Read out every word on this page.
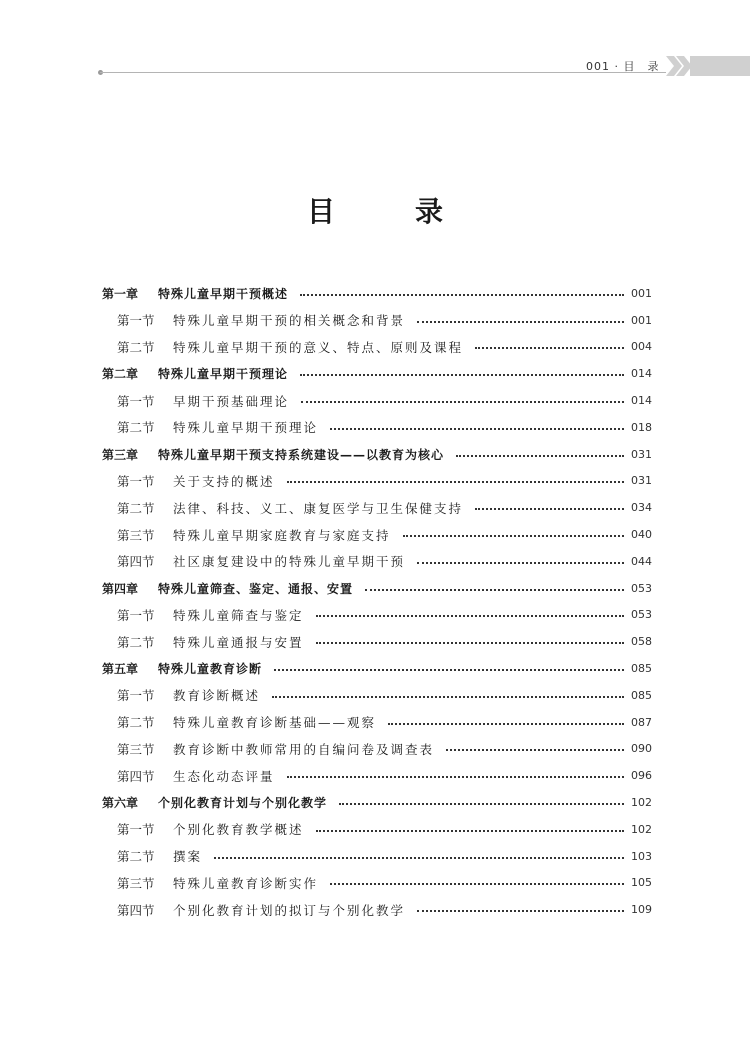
001 · 目　录
目　录
第一章	特殊儿童早期干预概述	001
第一节	特殊儿童早期干预的相关概念和背景	001
第二节	特殊儿童早期干预的意义、特点、原则及课程	004
第二章	特殊儿童早期干预理论	014
第一节	早期干预基础理论	014
第二节	特殊儿童早期干预理论	018
第三章	特殊儿童早期干预支持系统建设——以教育为核心	031
第一节	关于支持的概述	031
第二节	法律、科技、义工、康复医学与卫生保健支持	034
第三节	特殊儿童早期家庭教育与家庭支持	040
第四节	社区康复建设中的特殊儿童早期干预	044
第四章	特殊儿童筛查、鉴定、通报、安置	053
第一节	特殊儿童筛查与鉴定	053
第二节	特殊儿童通报与安置	058
第五章	特殊儿童教育诊断	085
第一节	教育诊断概述	085
第二节	特殊儿童教育诊断基础——观察	087
第三节	教育诊断中教师常用的自编问卷及调查表	090
第四节	生态化动态评量	096
第六章	个别化教育计划与个别化教学	102
第一节	个别化教育教学概述	102
第二节	撰案	103
第三节	特殊儿童教育诊断实作	105
第四节	个别化教育计划的拟订与个别化教学	109
